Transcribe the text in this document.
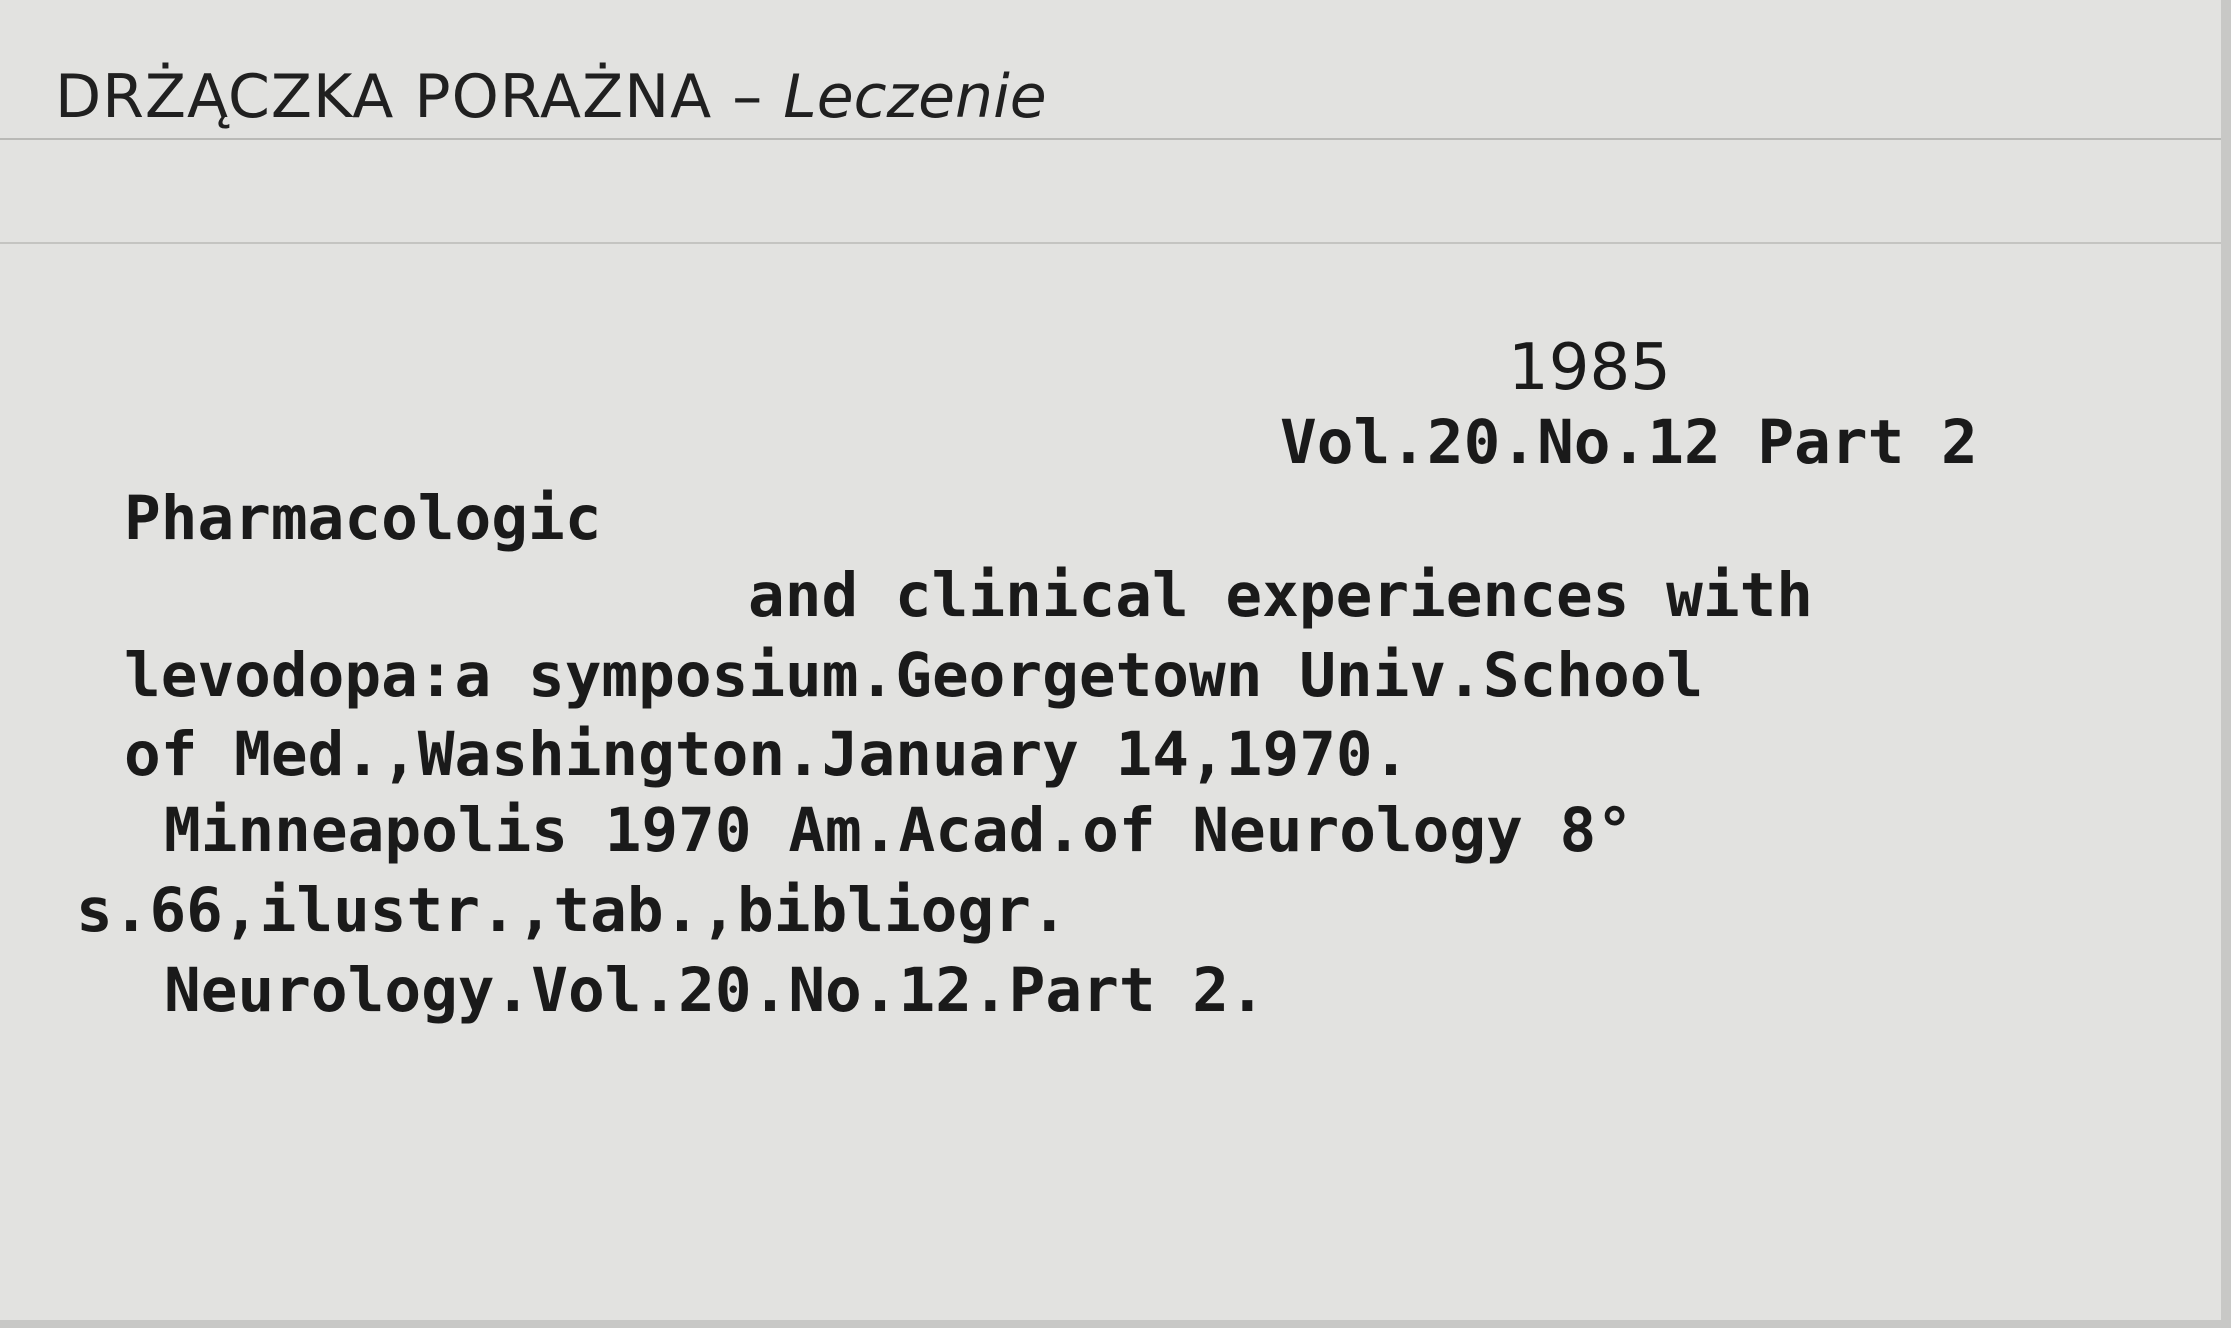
DRŻĄCZKA PORAŻNA – Leczenie
1985
Vol.20.No.12 Part 2
Pharmacologic
and clinical experiences with
levodopa:a symposium.Georgetown Univ.School
of Med.,Washington.January 14,1970.
Minneapolis 1970 Am.Acad.of Neurology 8°
s.66,ilustr.,tab.,bibliogr.
Neurology.Vol.20.No.12.Part 2.
